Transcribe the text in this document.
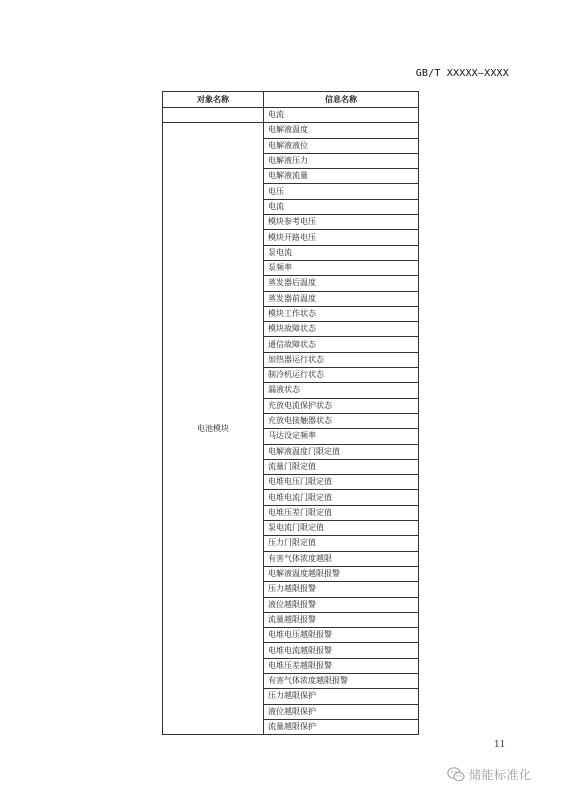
GB/T XXXXX—XXXX
对象名称	信息名称
	电流
电池模块	电解液温度
	电解液液位
	电解液压力
	电解液流量
	电压
	电流
	模块参考电压
	模块开路电压
	泵电流
	泵频率
	蒸发器后温度
	蒸发器前温度
	模块工作状态
	模块故障状态
	通信故障状态
	加热器运行状态
	制冷机运行状态
	漏液状态
	充放电流保护状态
	充放电接触器状态
	马达设定频率
	电解液温度门限定值
	流量门限定值
	电堆电压门限定值
	电堆电流门限定值
	电堆压差门限定值
	泵电流门限定值
	压力门限定值
	有害气体浓度越限
	电解液温度越限报警
	压力越限报警
	液位越限报警
	流量越限报警
	电堆电压越限报警
	电堆电流越限报警
	电堆压差越限报警
	有害气体浓度越限报警
	压力越限保护
	液位越限保护
	流量越限保护
11
储能标准化
